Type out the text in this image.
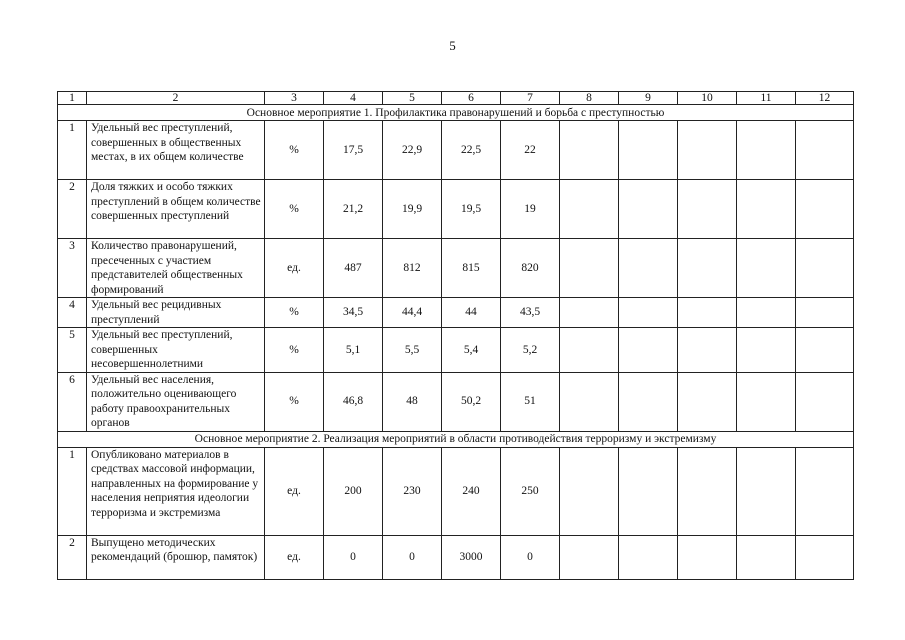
5
1	2	3	4	5	6	7	8	9	10	11	12
Основное мероприятие 1. Профилактика правонарушений и борьба с преступностью											
1	Удельный вес преступлений, совершенных в общественных местах, в их общем количестве	%	17,5	22,9	22,5	22					
2	Доля тяжких и особо тяжких преступлений в общем количестве совершенных преступлений	%	21,2	19,9	19,5	19					
3	Количество правонарушений, пресеченных с участием представителей общественных формирований	ед.	487	812	815	820					
4	Удельный вес рецидивных преступлений	%	34,5	44,4	44	43,5					
5	Удельный вес преступлений, совершенных несовершеннолетними	%	5,1	5,5	5,4	5,2					
6	Удельный вес населения, положительно оценивающего работу правоохранительных органов	%	46,8	48	50,2	51					
Основное мероприятие 2. Реализация мероприятий в области противодействия терроризму и экстремизму											
1	Опубликовано материалов в средствах массовой информации, направленных на формирование у населения неприятия идеологии терроризма и экстремизма	ед.	200	230	240	250					
2	Выпущено методических рекомендаций (брошюр, памяток)	ед.	0	0	3000	0					
